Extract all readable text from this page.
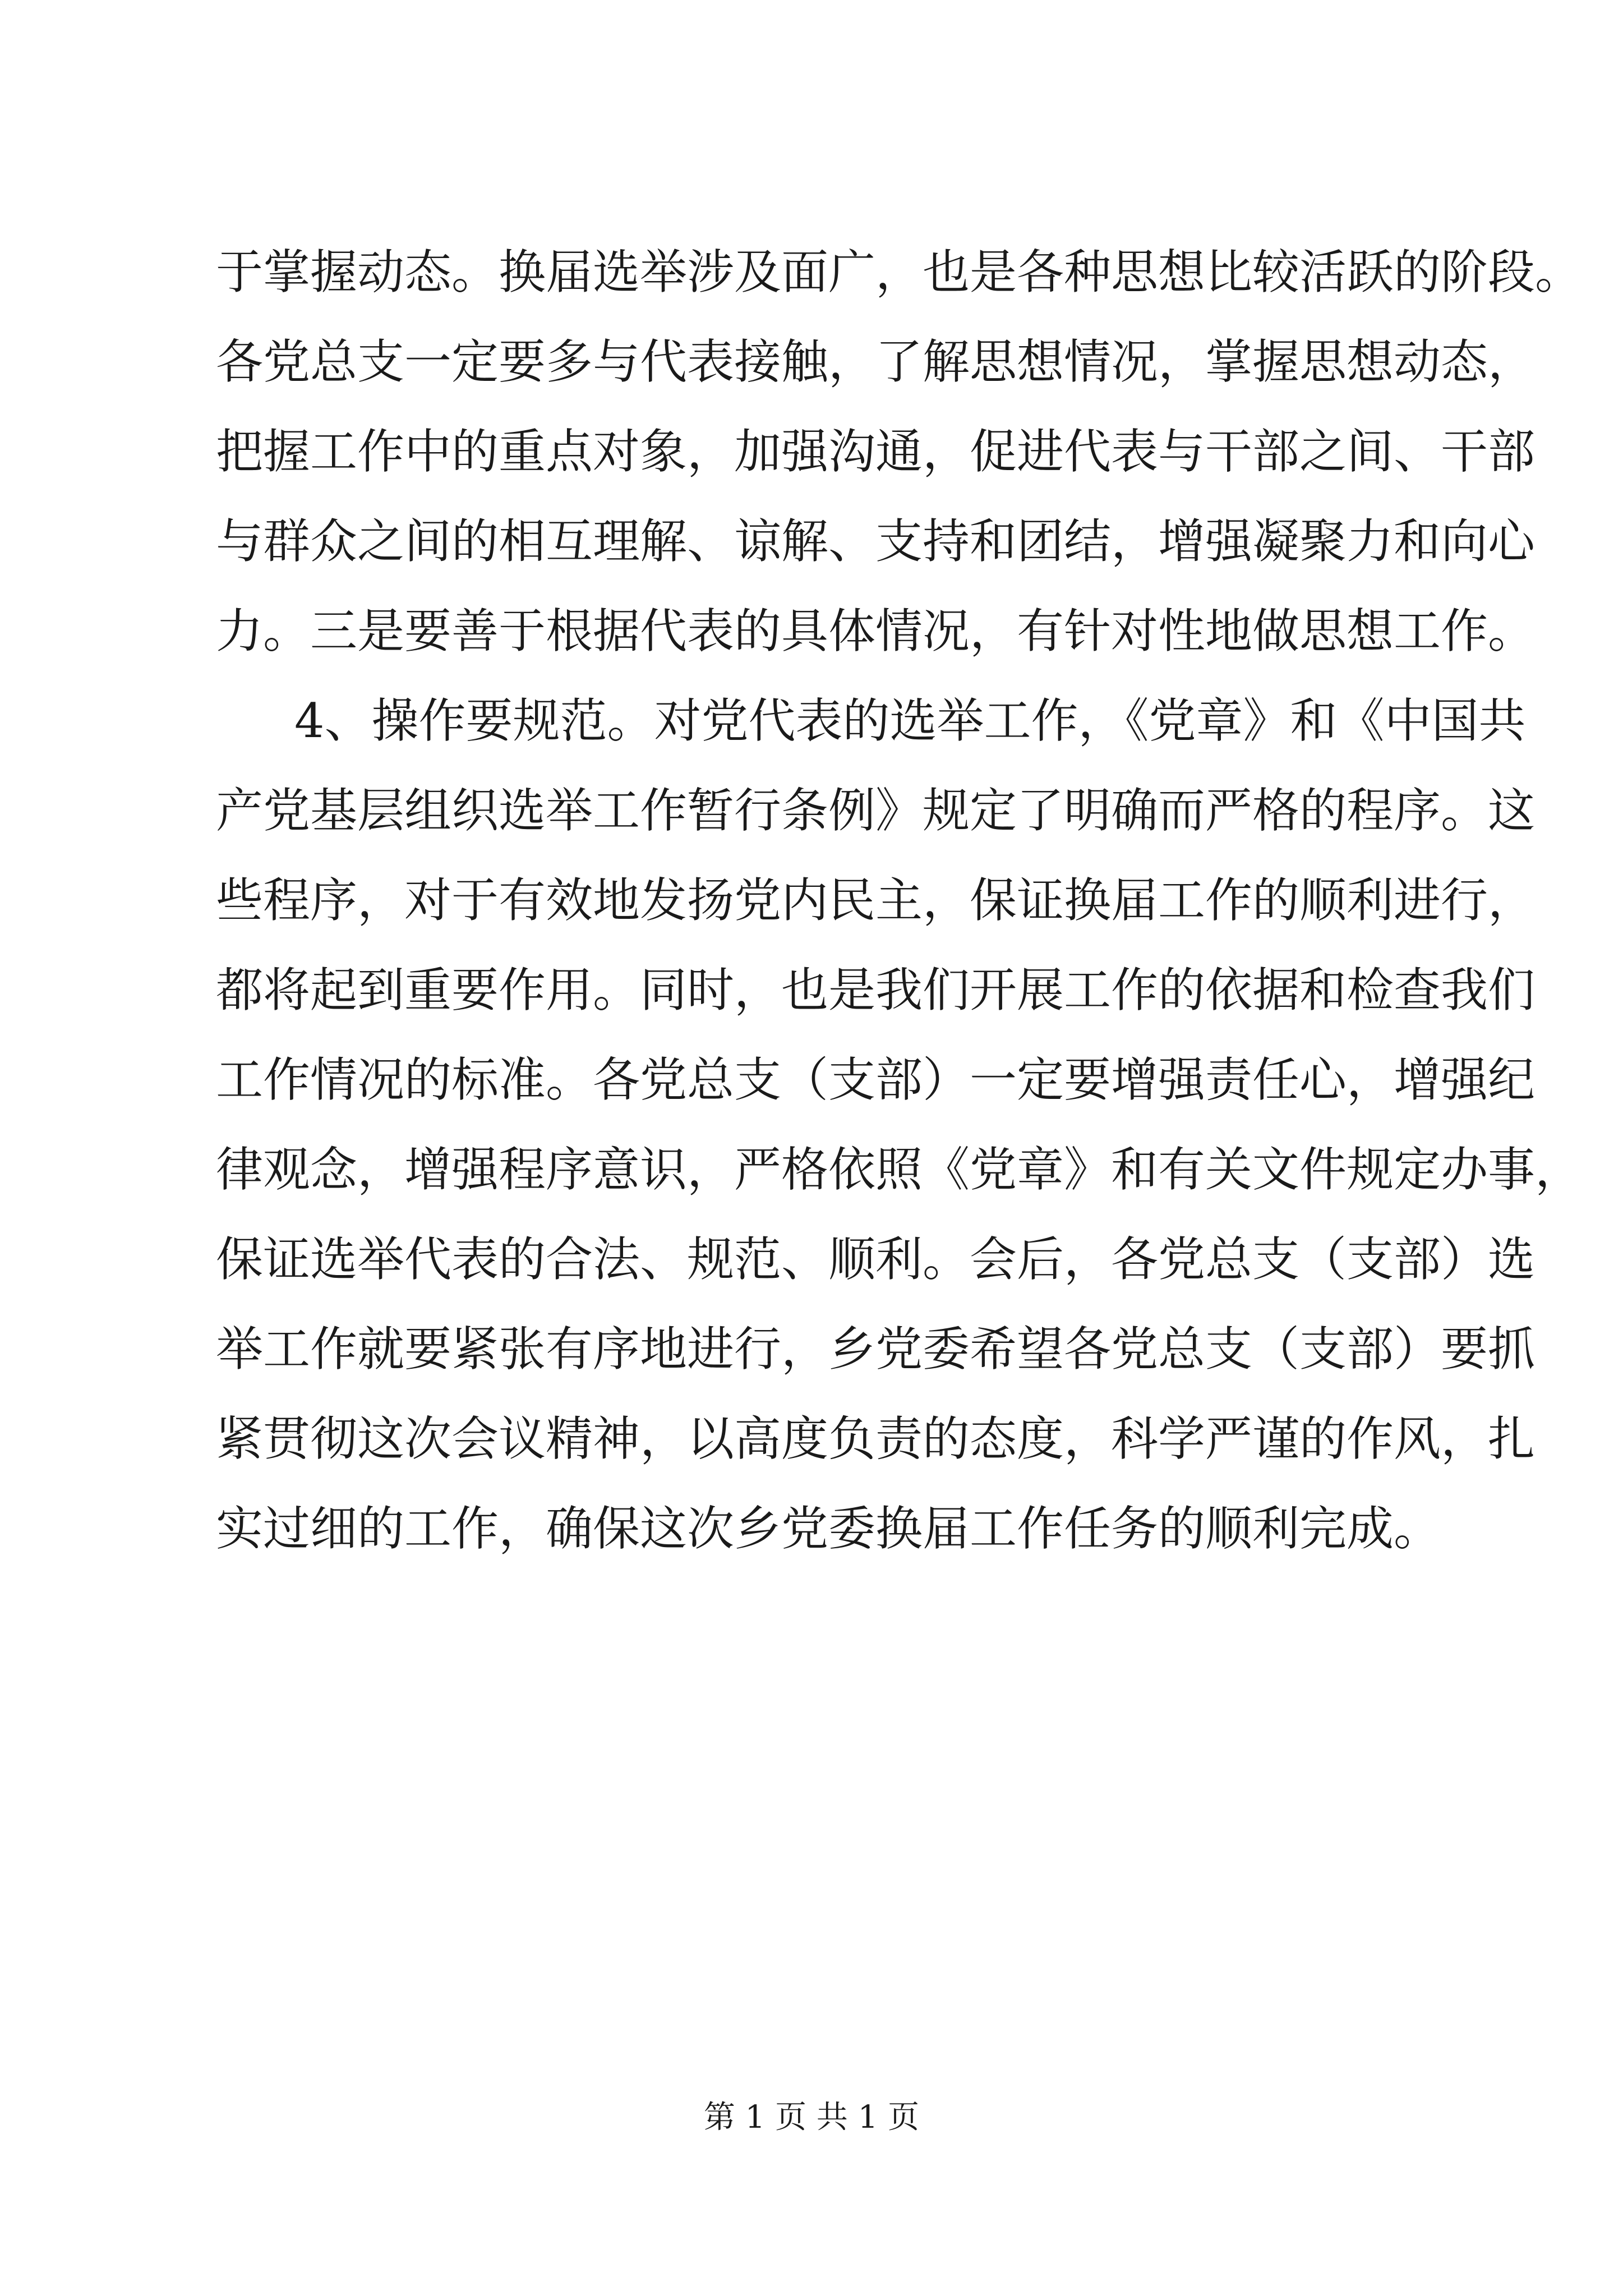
于掌握动态。换届选举涉及面广，也是各种思想比较活跃的阶段。
各党总支一定要多与代表接触，了解思想情况，掌握思想动态，
把握工作中的重点对象，加强沟通，促进代表与干部之间、干部
与群众之间的相互理解、谅解、支持和团结，增强凝聚力和向心
力。三是要善于根据代表的具体情况，有针对性地做思想工作。
4、操作要规范。对党代表的选举工作，《党章》和《中国共
产党基层组织选举工作暂行条例》规定了明确而严格的程序。这
些程序，对于有效地发扬党内民主，保证换届工作的顺利进行，
都将起到重要作用。同时，也是我们开展工作的依据和检查我们
工作情况的标准。各党总支（支部）一定要增强责任心，增强纪
律观念，增强程序意识，严格依照《党章》和有关文件规定办事，
保证选举代表的合法、规范、顺利。会后，各党总支（支部）选
举工作就要紧张有序地进行，乡党委希望各党总支（支部）要抓
紧贯彻这次会议精神，以高度负责的态度，科学严谨的作风，扎
实过细的工作，确保这次乡党委换届工作任务的顺利完成。
第 1 页 共 1 页
